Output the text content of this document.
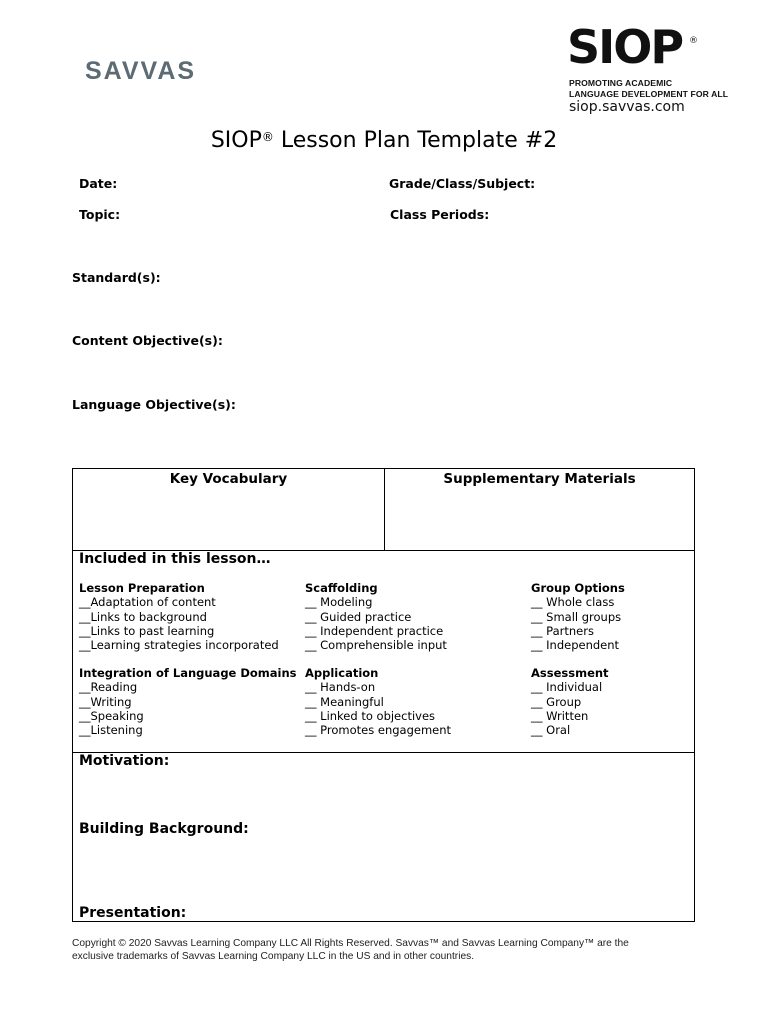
SAVVAS	SIOP ®
PROMOTING ACADEMIC
LANGUAGE DEVELOPMENT FOR ALL
siop.savvas.com
SIOP® Lesson Plan Template #2
Date:	Grade/Class/Subject:
Topic:	Class Periods:
Standard(s):
Content Objective(s):
Language Objective(s):
Key Vocabulary	Supplementary Materials
Included in this lesson…
Lesson Preparation
__Adaptation of content
__Links to background
__Links to past learning
__Learning strategies incorporated
Scaffolding
__ Modeling
__ Guided practice
__ Independent practice
__ Comprehensible input
Group Options
__ Whole class
__ Small groups
__ Partners
__ Independent
Integration of Language Domains
__Reading
__Writing
__Speaking
__Listening
Application
__ Hands-on
__ Meaningful
__ Linked to objectives
__ Promotes engagement
Assessment
__ Individual
__ Group
__ Written
__ Oral
Motivation:
Building Background:
Presentation:
Copyright © 2020 Savvas Learning Company LLC All Rights Reserved. Savvas™ and Savvas Learning Company™ are the
exclusive trademarks of Savvas Learning Company LLC in the US and in other countries.
